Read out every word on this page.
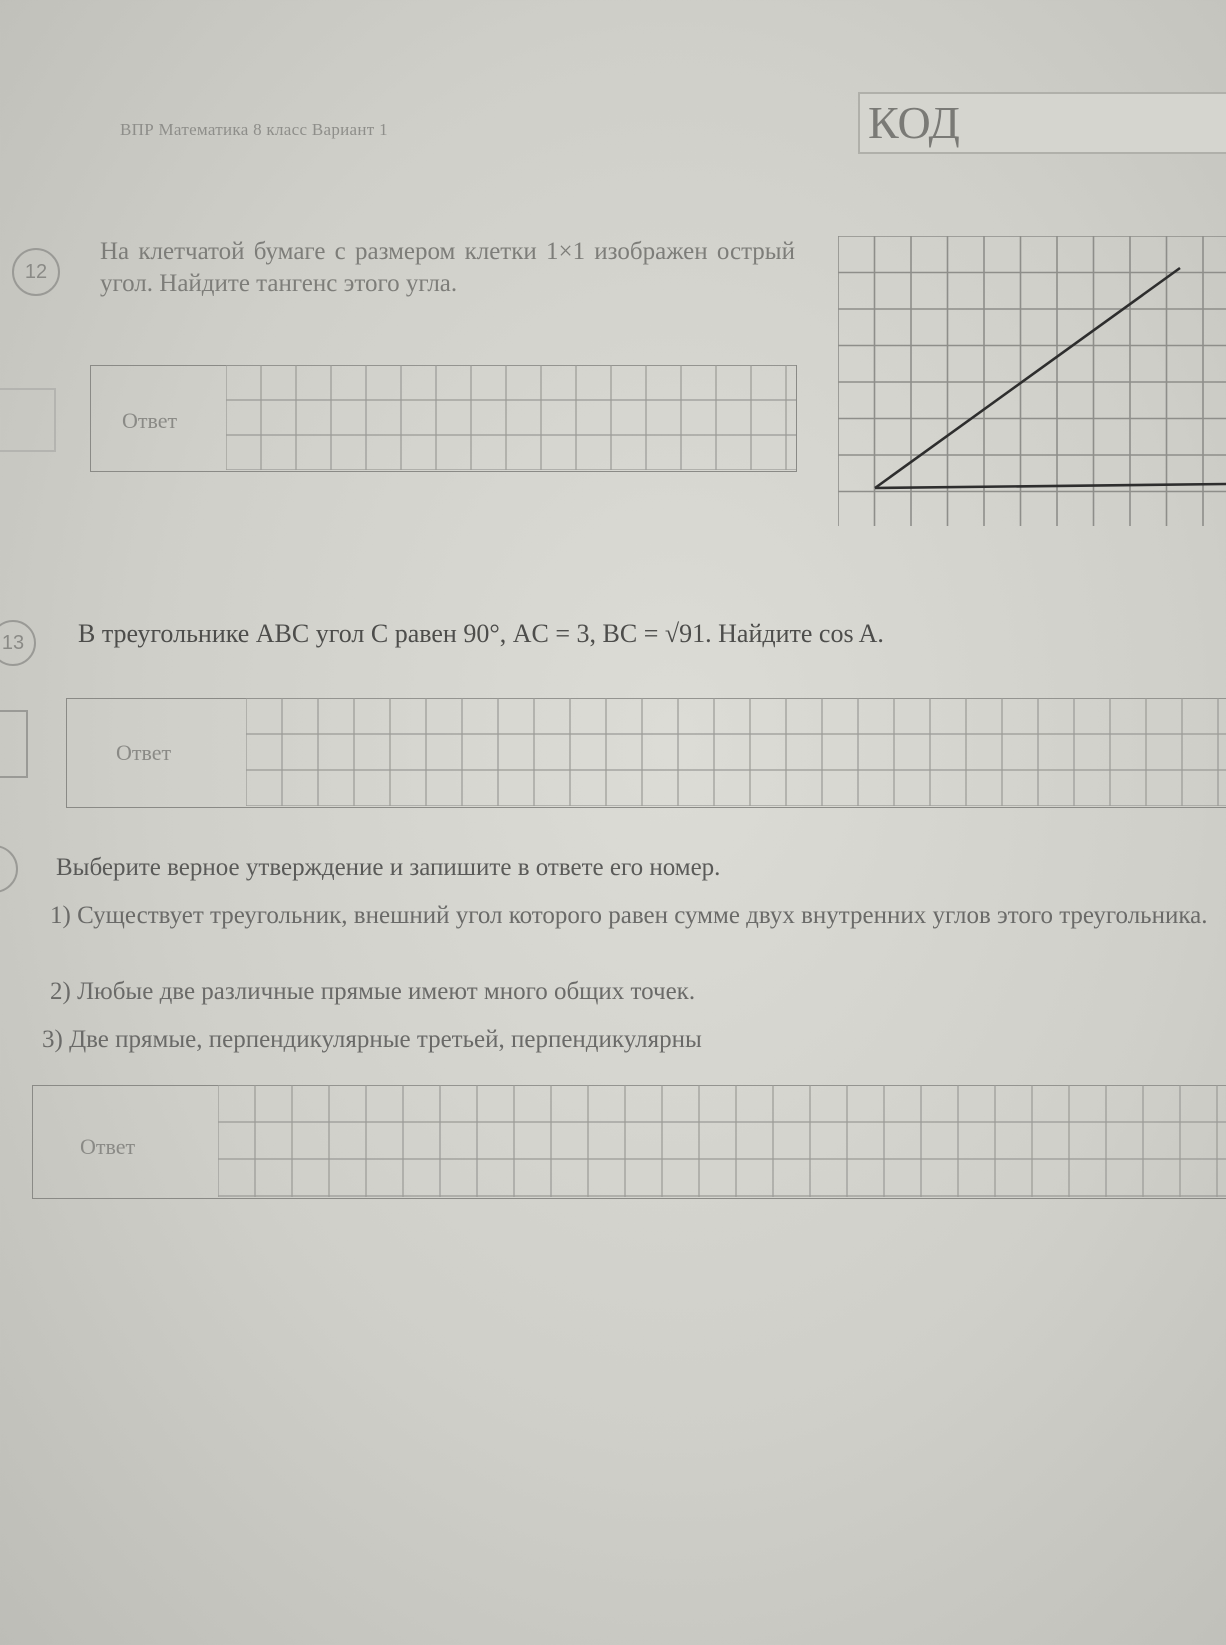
ВПР Математика 8 класс Вариант 1	КОД
12
На клетчатой бумаге с размером клетки 1×1 изображен острый угол. Найдите тангенс этого угла.
Ответ
13	В треугольнике ABC угол C равен 90°, AC = 3, BC = √91. Найдите cos A.
Ответ
Выберите верное утверждение и запишите в ответе его номер.
1) Существует треугольник, внешний угол которого равен сумме двух внутренних углов этого треугольника.
2) Любые две различные прямые имеют много общих точек.
3) Две прямые, перпендикулярные третьей, перпендикулярны
Ответ
